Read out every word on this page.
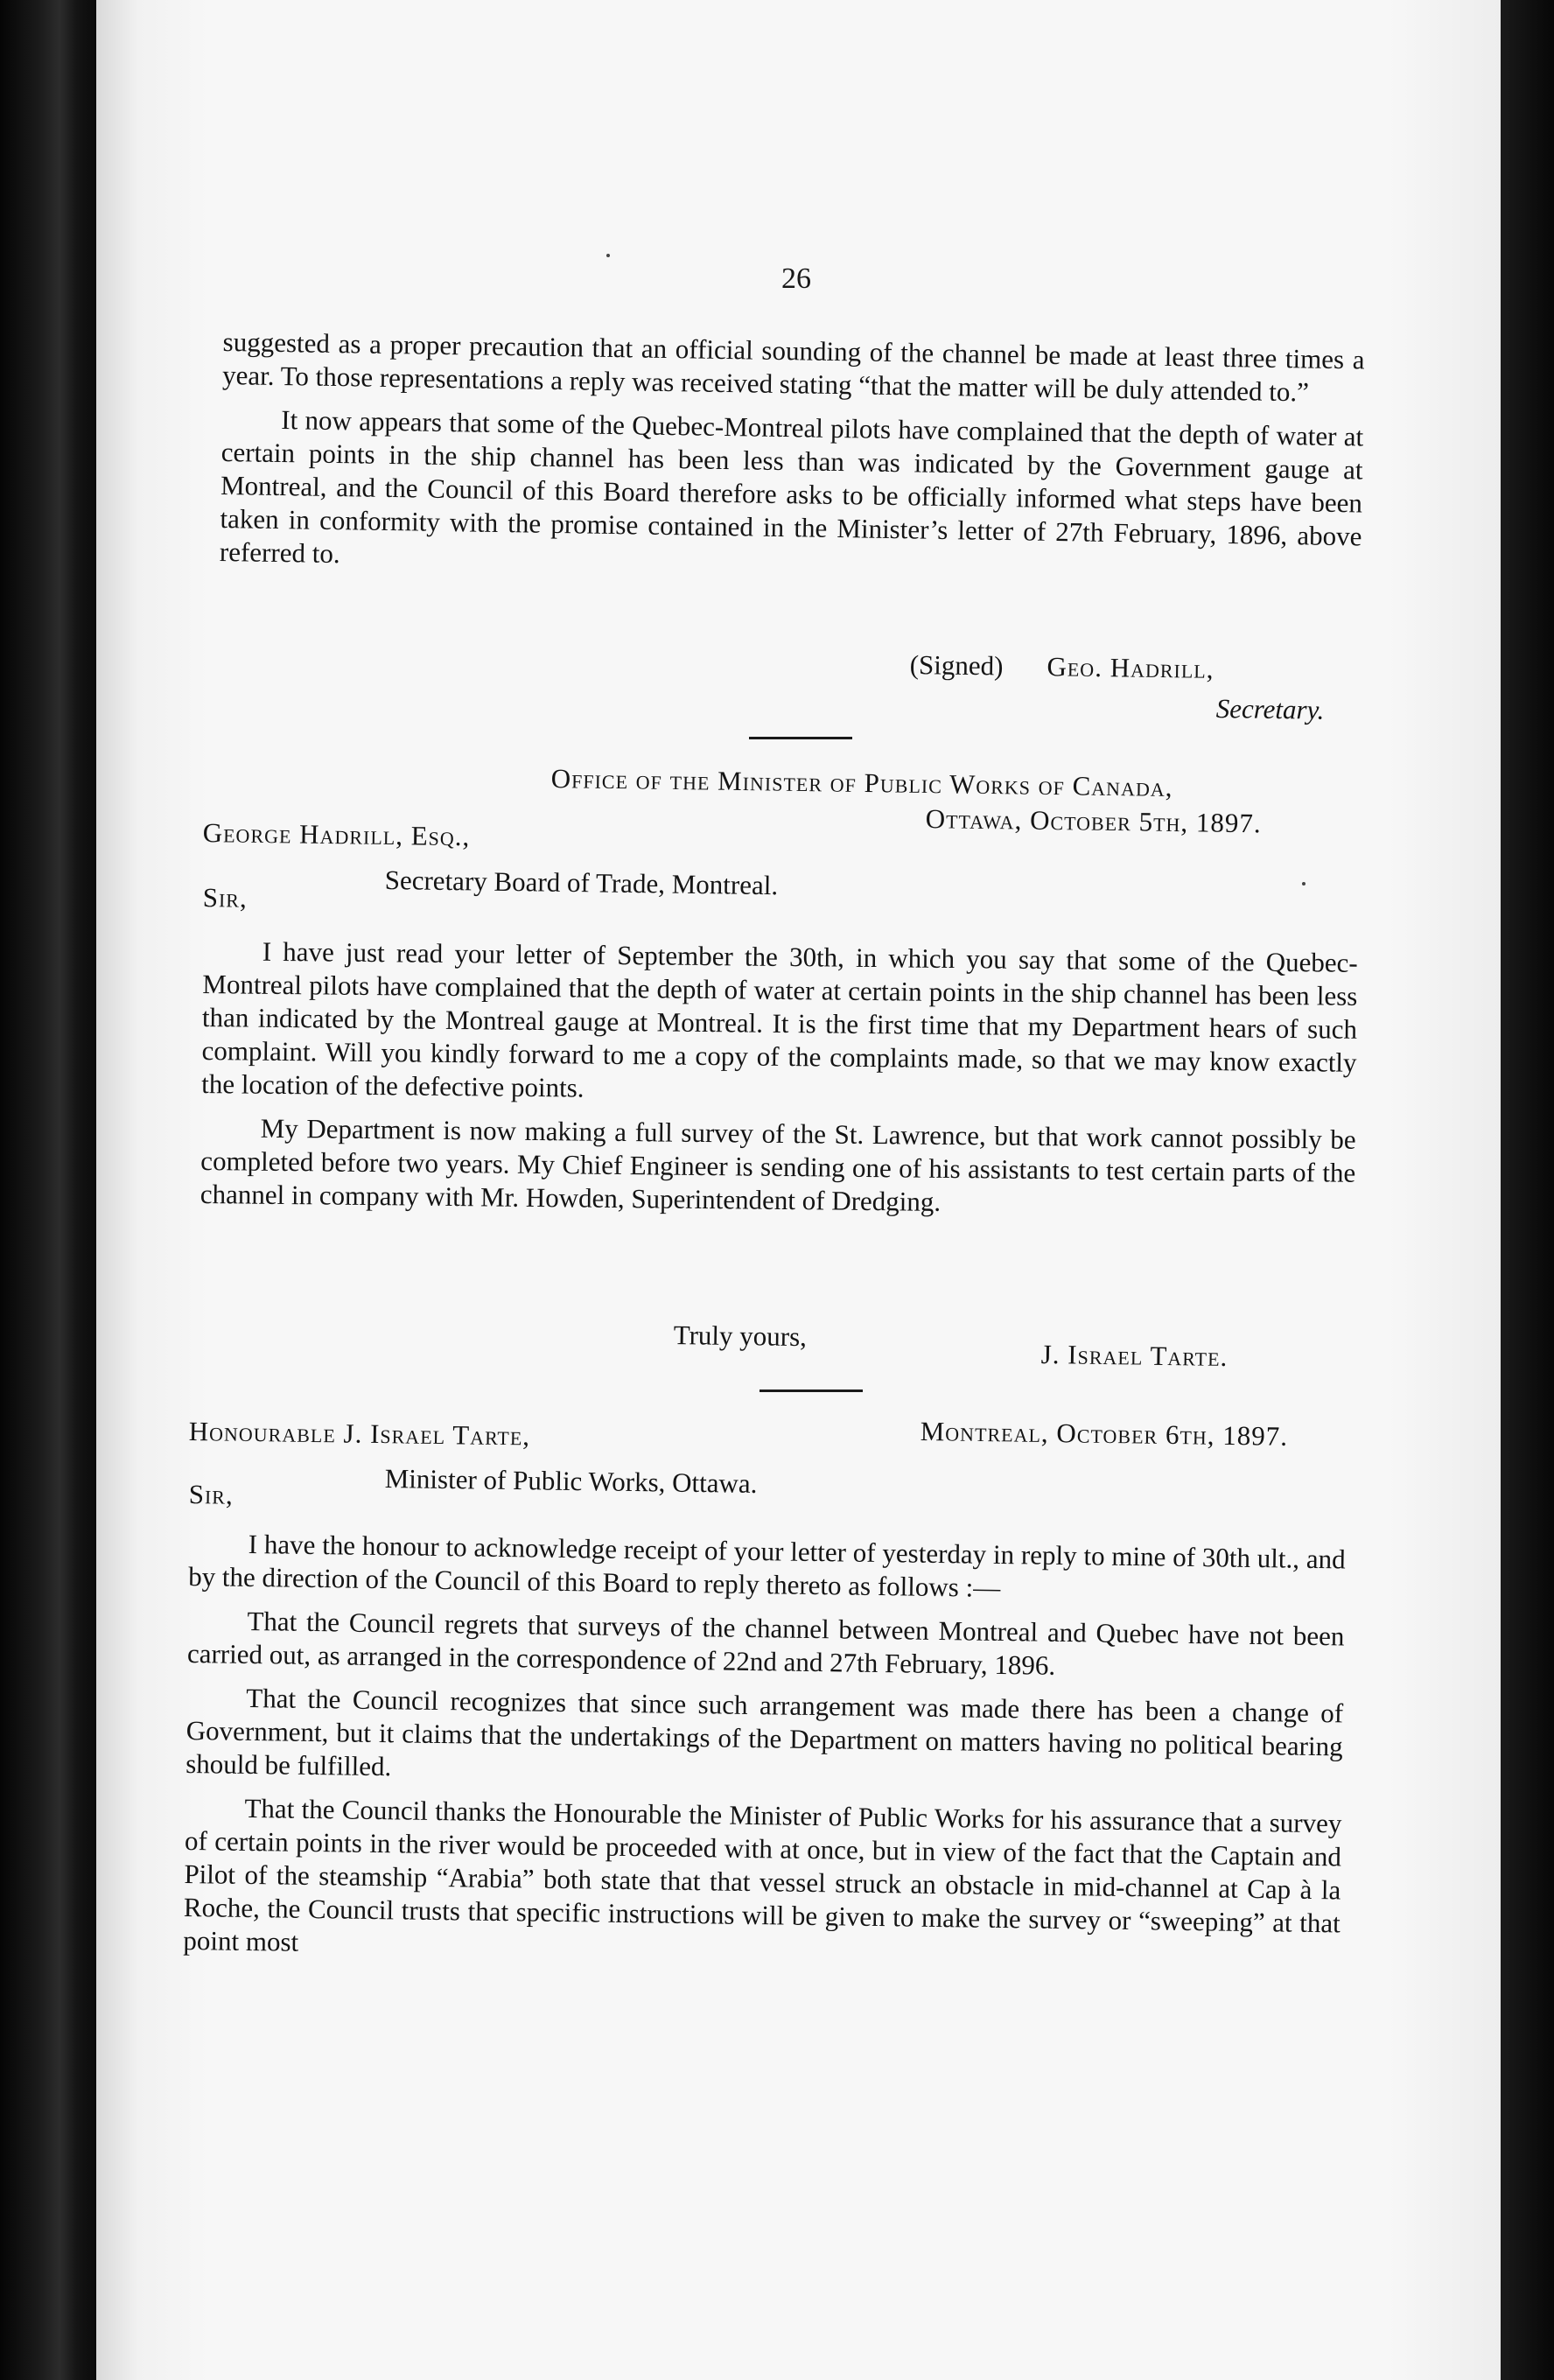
26

suggested as a proper precaution that an official sounding of the channel be made at least three times a year. To those representations a reply was received stating “that the matter will be duly attended to.”

It now appears that some of the Quebec-Montreal pilots have complained that the depth of water at certain points in the ship channel has been less than was indicated by the Government gauge at Montreal, and the Council of this Board therefore asks to be officially informed what steps have been taken in conformity with the promise contained in the Minister’s letter of 27th February, 1896, above referred to.

(Signed) Geo. Hadrill,
Secretary.
Office of the Minister of Public Works of Canada,
Ottawa, October 5th, 1897.
George Hadrill, Esq.,
Secretary Board of Trade, Montreal.
Sir,

I have just read your letter of September the 30th, in which you say that some of the Quebec-Montreal pilots have complained that the depth of water at certain points in the ship channel has been less than indicated by the Montreal gauge at Montreal. It is the first time that my Department hears of such complaint. Will you kindly forward to me a copy of the complaints made, so that we may know exactly the location of the defective points.

My Department is now making a full survey of the St. Lawrence, but that work cannot possibly be completed before two years. My Chief Engineer is sending one of his assistants to test certain parts of the channel in company with Mr. Howden, Superintendent of Dredging.

Truly yours,
J. Israel Tarte.
Honourable J. Israel Tarte,	Montreal, October 6th, 1897.
Minister of Public Works, Ottawa.
Sir,

I have the honour to acknowledge receipt of your letter of yesterday in reply to mine of 30th ult., and by the direction of the Council of this Board to reply thereto as follows :—

That the Council regrets that surveys of the channel between Montreal and Quebec have not been carried out, as arranged in the correspondence of 22nd and 27th February, 1896.

That the Council recognizes that since such arrangement was made there has been a change of Government, but it claims that the undertakings of the Department on matters having no political bearing should be fulfilled.

That the Council thanks the Honourable the Minister of Public Works for his assurance that a survey of certain points in the river would be proceeded with at once, but in view of the fact that the Captain and Pilot of the steamship “Arabia” both state that that vessel struck an obstacle in mid-channel at Cap à la Roche, the Council trusts that specific instructions will be given to make the survey or “sweeping” at that point most
